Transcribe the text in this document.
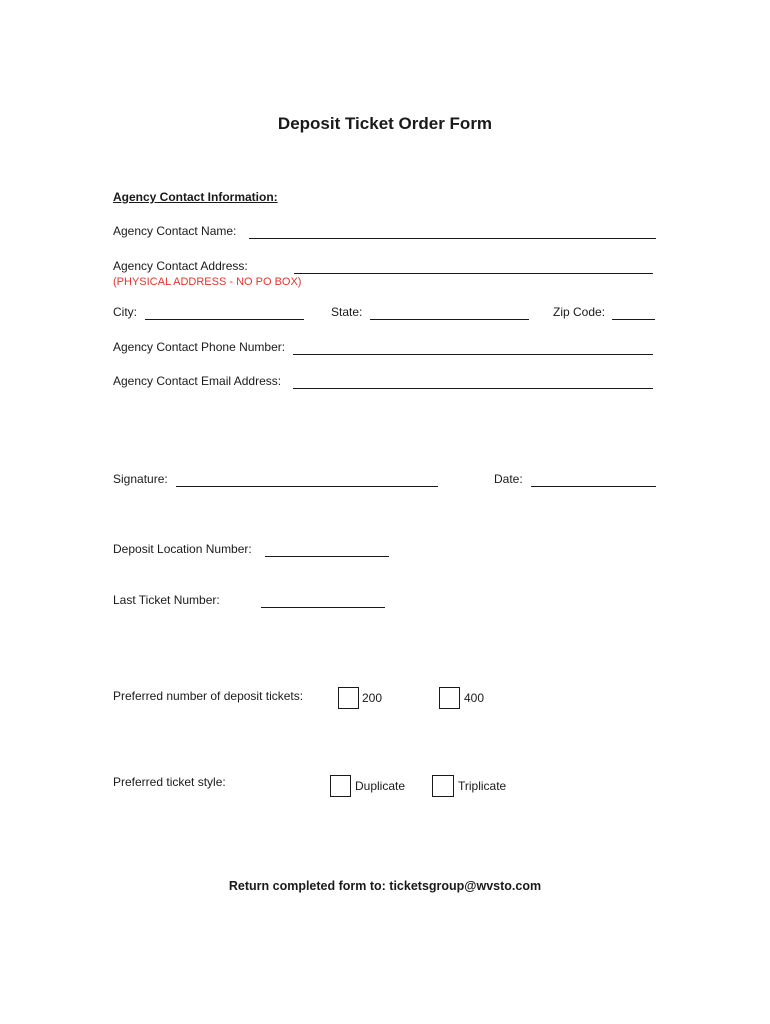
Deposit Ticket Order Form
Agency Contact Information:
Agency Contact Name:
Agency Contact Address:
(PHYSICAL ADDRESS - NO PO BOX)
City:	State:	Zip Code:
Agency Contact Phone Number:
Agency Contact Email Address:
Signature:	Date:
Deposit Location Number:
Last Ticket Number:
Preferred number of deposit tickets:	200	400
Preferred ticket style:	Duplicate	Triplicate
Return completed form to: ticketsgroup@wvsto.com
